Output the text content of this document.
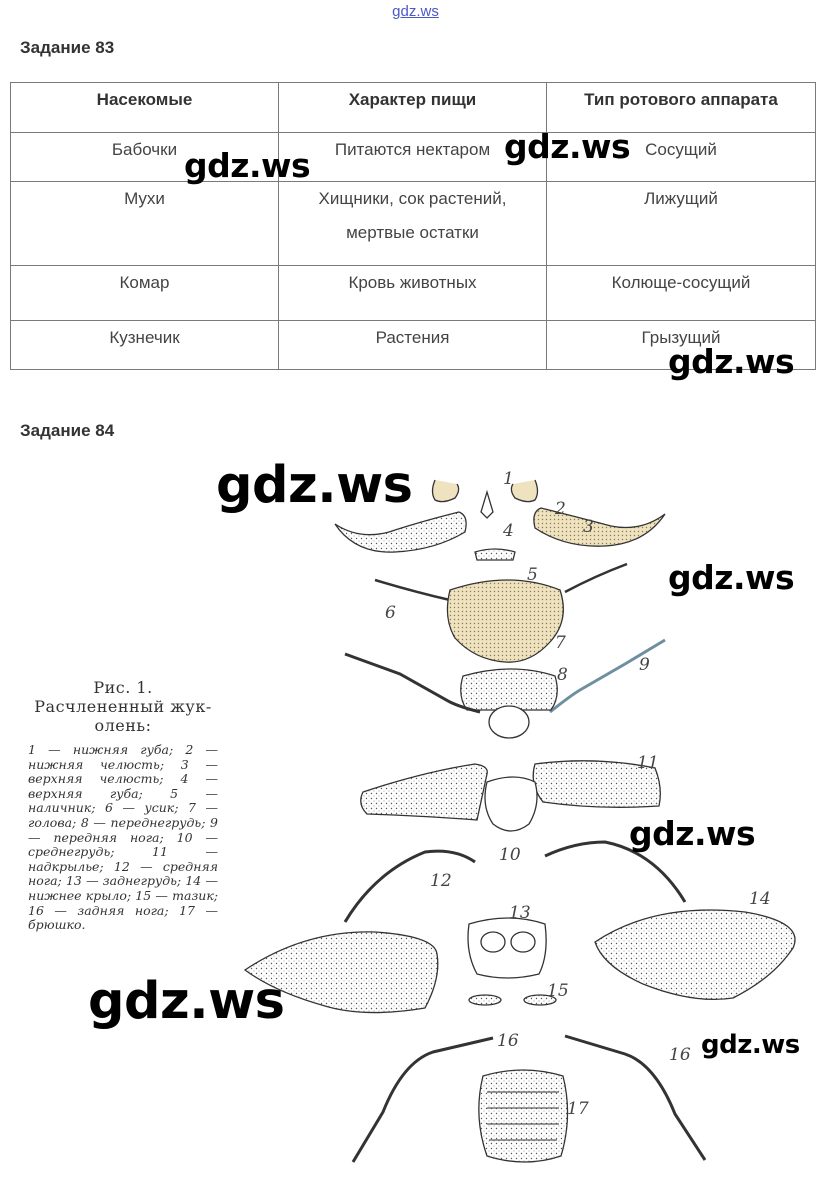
gdz.ws
Задание 83
Насекомые	Характер пищи	Тип ротового аппарата
Бабочки	Питаются нектаром	Сосущий
Мухи	Хищники, сок растений, мертвые остатки	Лижущий
Комар	Кровь животных	Колюще-сосущий
Кузнечик	Растения	Грызущий
Задание 84
1
2
3
4
5
6
7
8	9
10
11
12
13
14
15
16
16
17
Рис. 1. Расчлененный жук-олень:
1 — нижняя губа; 2 — нижняя челюсть; 3 — верхняя челюсть; 4 — верхняя губа; 5 — наличник; 6 — усик; 7 — голова; 8 — переднегрудь; 9 — передняя нога; 10 — среднегрудь; 11 — надкрылье; 12 — средняя нога; 13 — заднегрудь; 14 — нижнее крыло; 15 — тазик; 16 — задняя нога; 17 — брюшко.
gdz.ws	gdz.ws
gdz.ws
gdz.ws
gdz.ws
gdz.ws
gdz.ws
gdz.ws
